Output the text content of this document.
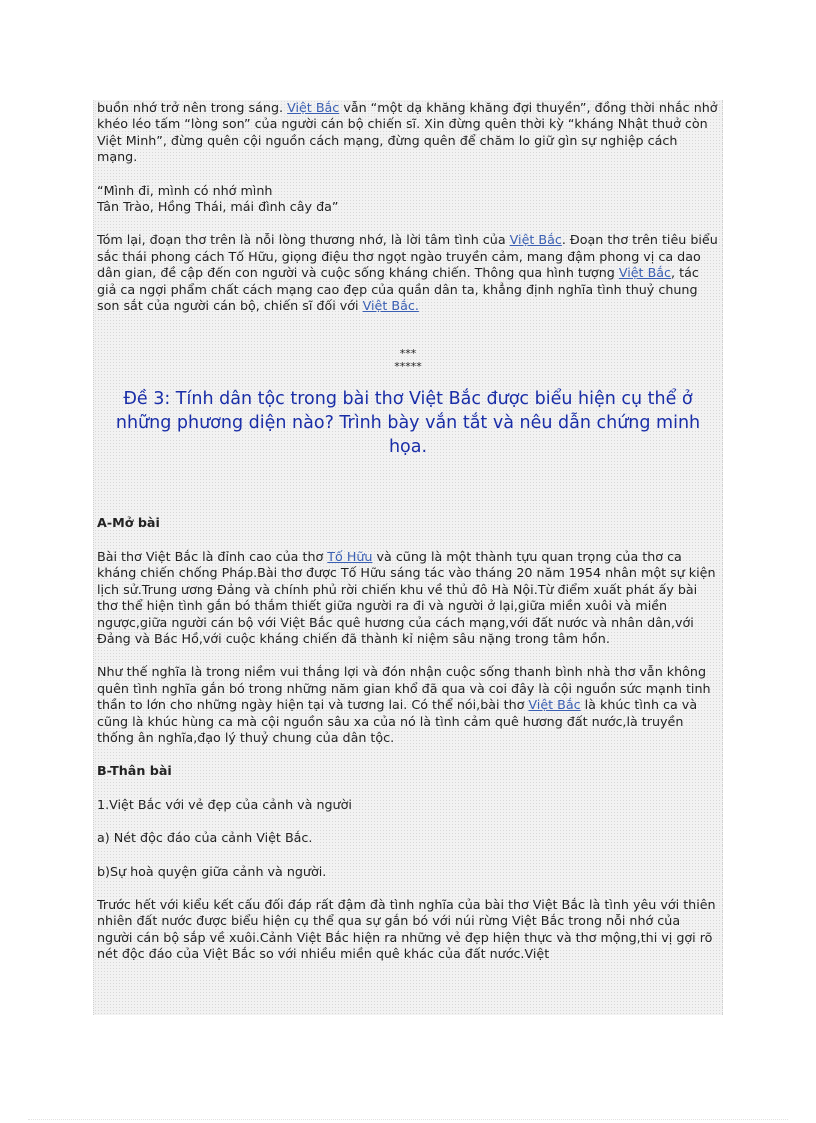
buồn nhớ trở nên trong sáng. Việt Bắc vẫn “một dạ khăng khăng đợi thuyền”, đồng thời nhắc nhở khéo léo tấm “lòng son” của người cán bộ chiến sĩ. Xin đừng quên thời kỳ “kháng Nhật thuở còn Việt Minh”, đừng quên cội nguồn cách mạng, đừng quên để chăm lo giữ gìn sự nghiệp cách mạng.

“Mình đi, mình có nhớ mình
Tân Trào, Hồng Thái, mái đình cây đa”

Tóm lại, đoạn thơ trên là nỗi lòng thương nhớ, là lời tâm tình của Việt Bắc. Đoạn thơ trên tiêu biểu sắc thái phong cách Tố Hữu, giọng điệu thơ ngọt ngào truyền cảm, mang đậm phong vị ca dao dân gian, đề cập đến con người và cuộc sống kháng chiến. Thông qua hình tượng Việt Bắc, tác giả ca ngợi phẩm chất cách mạng cao đẹp của quần dân ta, khẳng định nghĩa tình thuỷ chung son sắt của người cán bộ, chiến sĩ đối với Việt Bắc.

***
*****
Đề 3: Tính dân tộc trong bài thơ Việt Bắc được biểu hiện cụ thể ở những phương diện nào? Trình bày vắn tắt và nêu dẫn chứng minh họa.
A-Mở bài

Bài thơ Việt Bắc là đỉnh cao của thơ Tố Hữu và cũng là một thành tựu quan trọng của thơ ca kháng chiến chống Pháp.Bài thơ được Tố Hữu sáng tác vào tháng 20 năm 1954 nhân một sự kiện lịch sử.Trung ương Đảng và chính phủ rời chiến khu về thủ đô Hà Nội.Từ điểm xuất phát ấy bài thơ thể hiện tình gắn bó thắm thiết giữa người ra đi và người ở lại,giữa miền xuôi và miền ngược,giữa người cán bộ với Việt Bắc quê hương của cách mạng,với đất nước và nhân dân,với Đảng và Bác Hồ,với cuộc kháng chiến đã thành kỉ niệm sâu nặng trong tâm hồn.

Như thế nghĩa là trong niềm vui thắng lợi và đón nhận cuộc sống thanh bình nhà thơ vẫn không quên tình nghĩa gắn bó trong những năm gian khổ đã qua và coi đây là cội nguồn sức mạnh tinh thần to lớn cho những ngày hiện tại và tương lai. Có thể nói,bài thơ Việt Bắc là khúc tình ca và cũng là khúc hùng ca mà cội nguồn sâu xa của nó là tình cảm quê hương đất nước,là truyền thống ân nghĩa,đạo lý thuỷ chung của dân tộc.

B-Thân bài

1.Việt Bắc với vẻ đẹp của cảnh và người

a) Nét độc đáo của cảnh Việt Bắc.

b)Sự hoà quyện giữa cảnh và người.

Trước hết với kiểu kết cấu đối đáp rất đậm đà tình nghĩa của bài thơ Việt Bắc là tình yêu với thiên nhiên đất nước được biểu hiện cụ thể qua sự gắn bó với núi rừng Việt Bắc trong nỗi nhớ của người cán bộ sắp về xuôi.Cảnh Việt Bắc hiện ra những vẻ đẹp hiện thực và thơ mộng,thi vị gợi rõ nét độc đáo của Việt Bắc so với nhiều miền quê khác của đất nước.Việt
